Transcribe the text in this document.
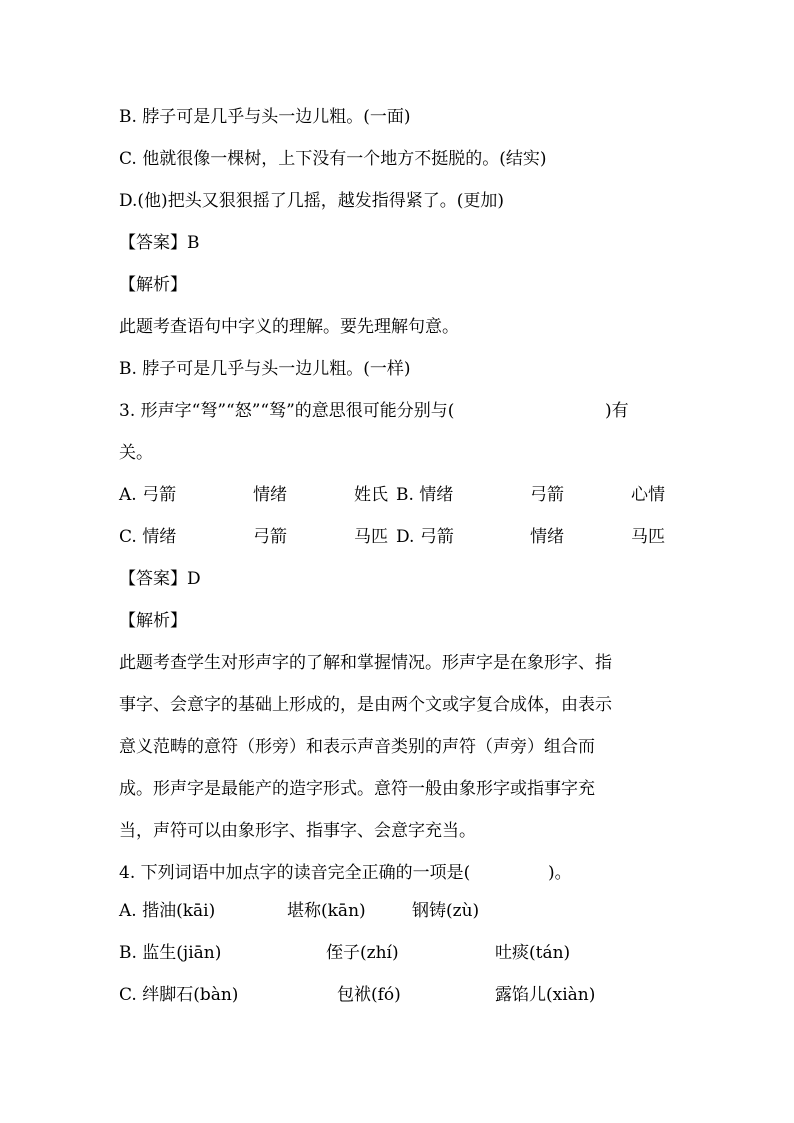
B. 脖子可是几乎与头一边儿粗。(一面)
C. 他就很像一棵树，上下没有一个地方不挺脱的。(结实)
D.(他)把头又狠狠摇了几摇，越发指得紧了。(更加)
【答案】B
【解析】
此题考查语句中字义的理解。要先理解句意。
B. 脖子可是几乎与头一边儿粗。(一样)
3. 形声字“弩”“怒”“驽”的意思很可能分别与(	)有
关。
A. 弓箭	情绪	姓氏 B. 情绪	弓箭	心情
C. 情绪	弓箭	马匹 D. 弓箭	情绪	马匹
【答案】D
【解析】
此题考查学生对形声字的了解和掌握情况。形声字是在象形字、指
事字、会意字的基础上形成的，是由两个文或字复合成体，由表示
意义范畴的意符（形旁）和表示声音类别的声符（声旁）组合而
成。形声字是最能产的造字形式。意符一般由象形字或指事字充
当，声符可以由象形字、指事字、会意字充当。
4. 下列词语中加点字的读音完全正确的一项是(	)。
A. 揩油(kāi)	堪称(kān)	钢铸(zù)
B. 监生(jiān)	侄子(zhí)	吐痰(tán)
C. 绊脚石(bàn)	包袱(fó)	露馅儿(xiàn)
